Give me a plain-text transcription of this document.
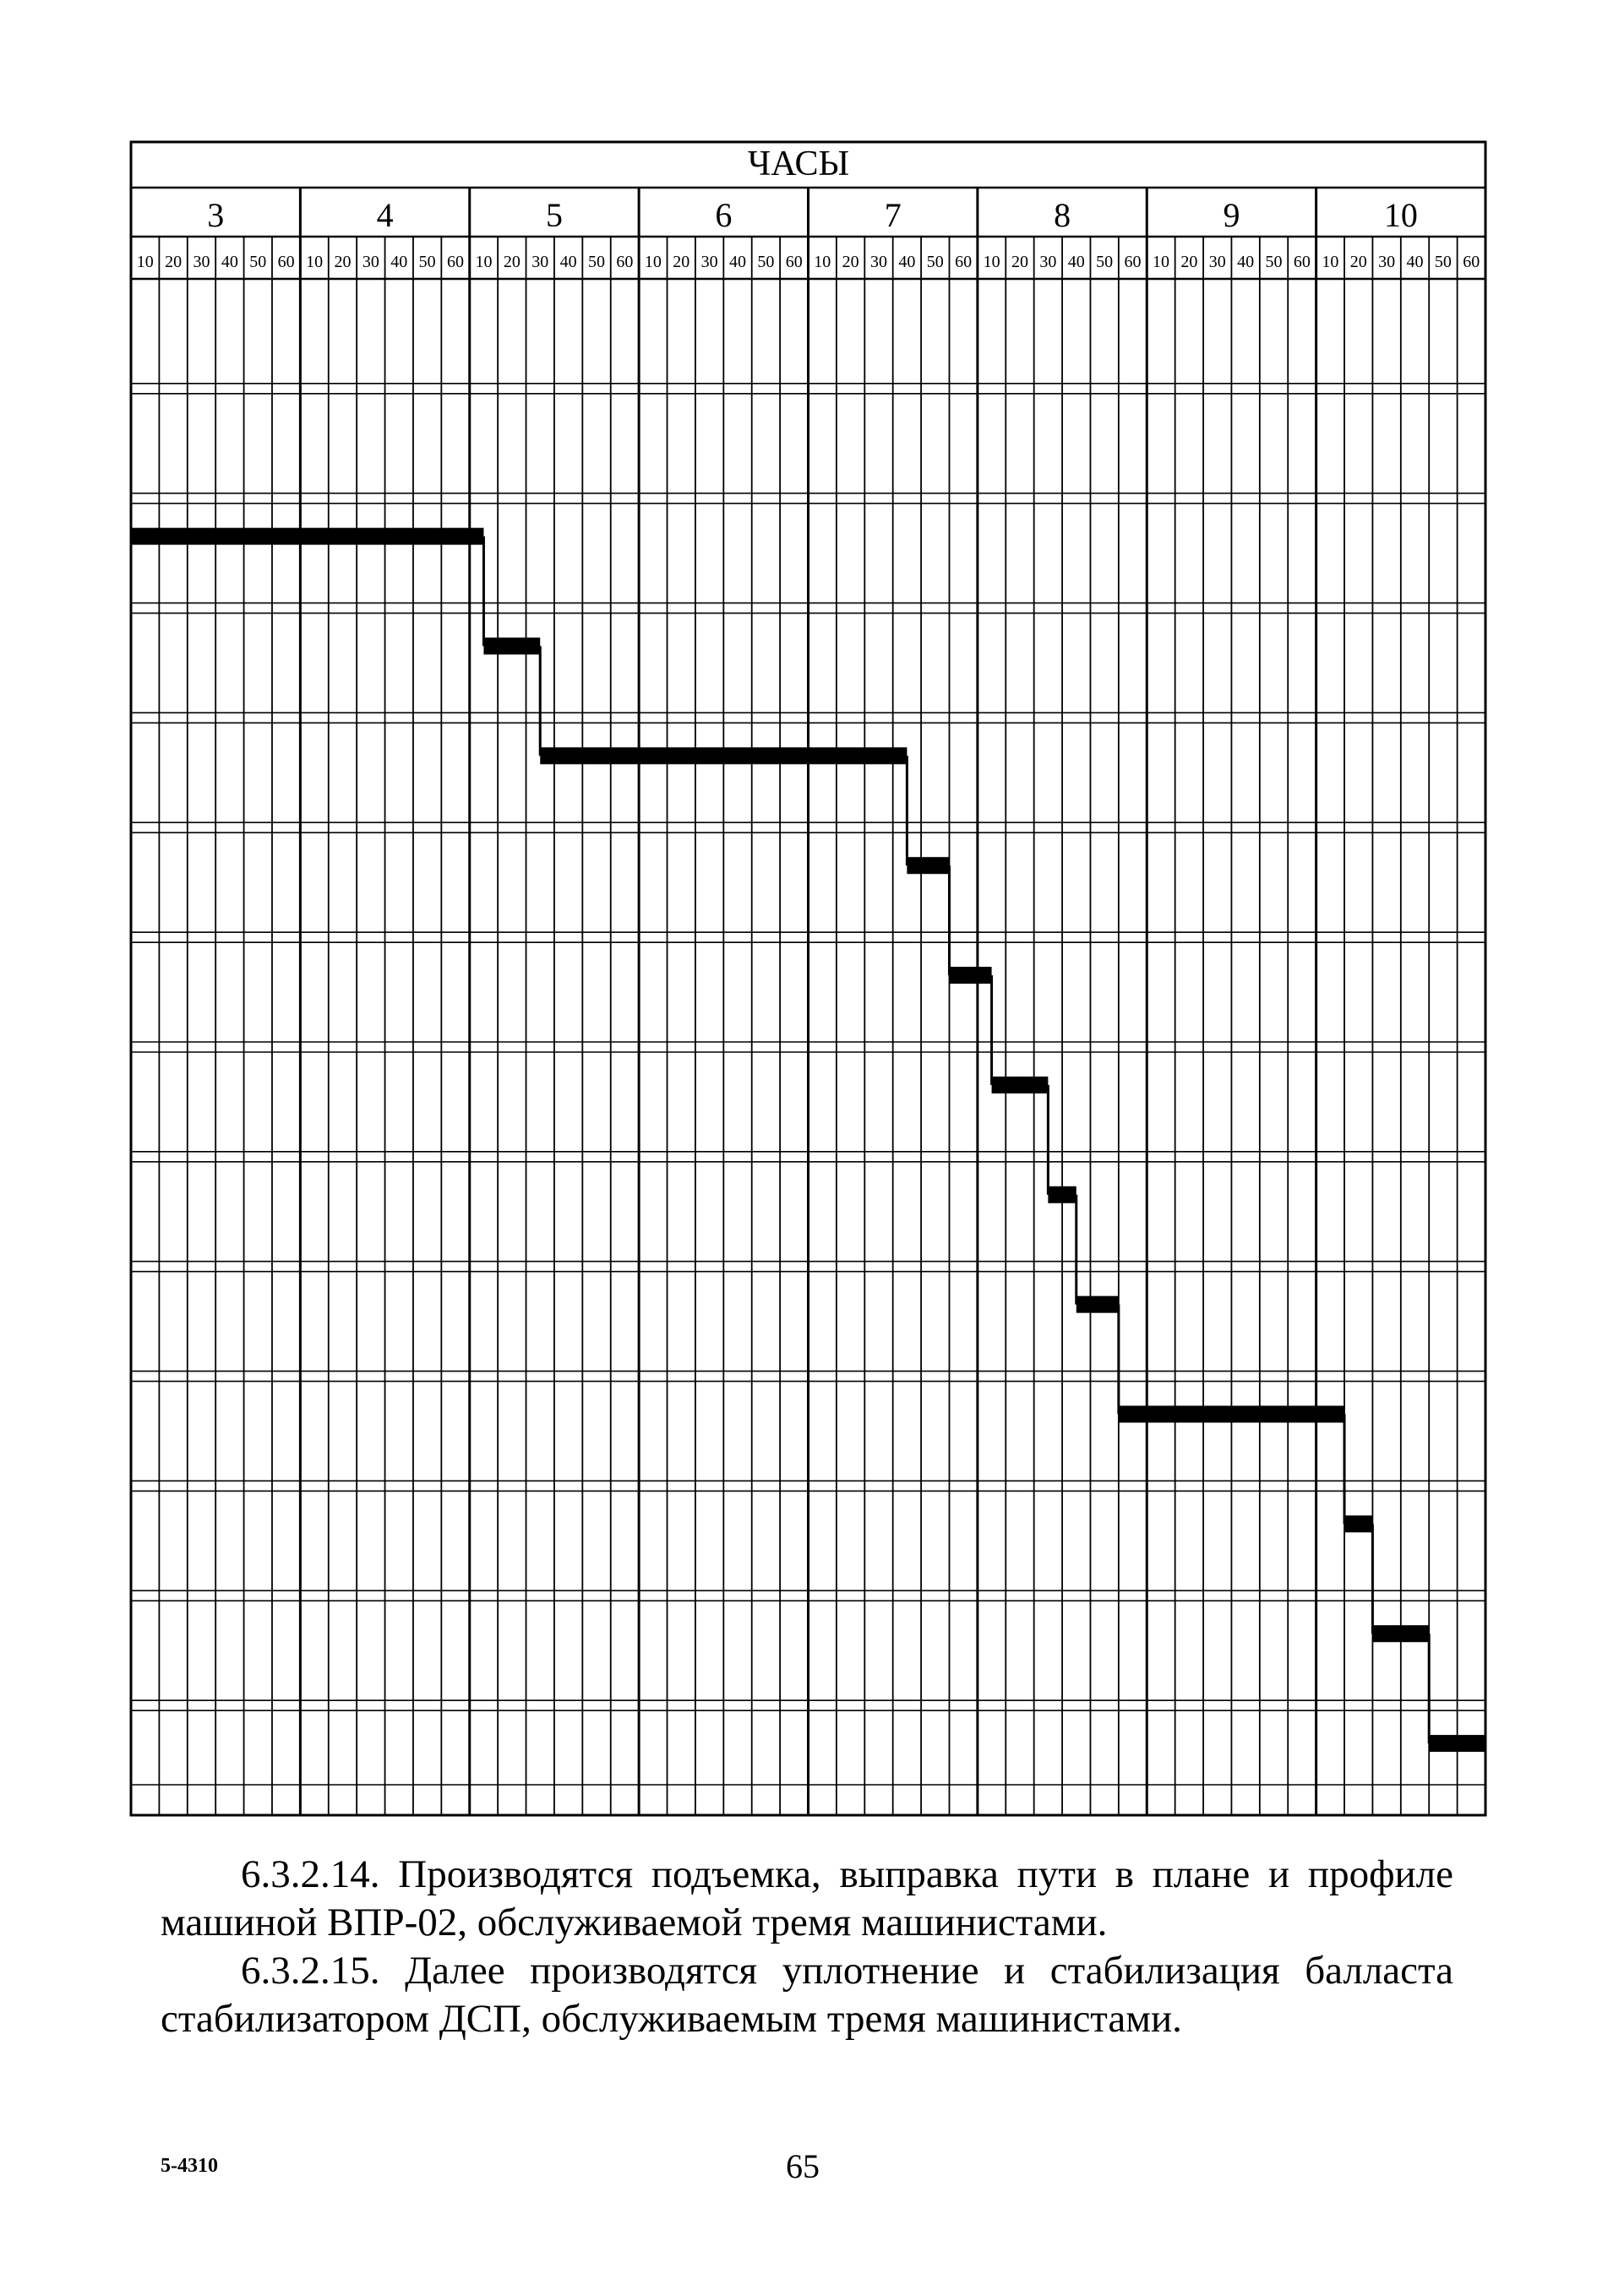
ЧАСЫ
3	4	5	6	7	8	9	10
10 20 30 40 50 60 10 20 30 40 50 60 10 20 30 40 50 60 10 20 30 40 50 60 10 20 30 40 50 60 10 20 30 40 50 60 10 20 30 40 50 60 10 20 30 40 50 60

6.3.2.14. Производятся подъемка, выправка пути в плане и профиле машиной ВПР-02, обслуживаемой тремя машинистами.

6.3.2.15. Далее производятся уплотнение и стабилизация балласта стабилизатором ДСП, обслуживаемым тремя машинистами.

5-4310	65
